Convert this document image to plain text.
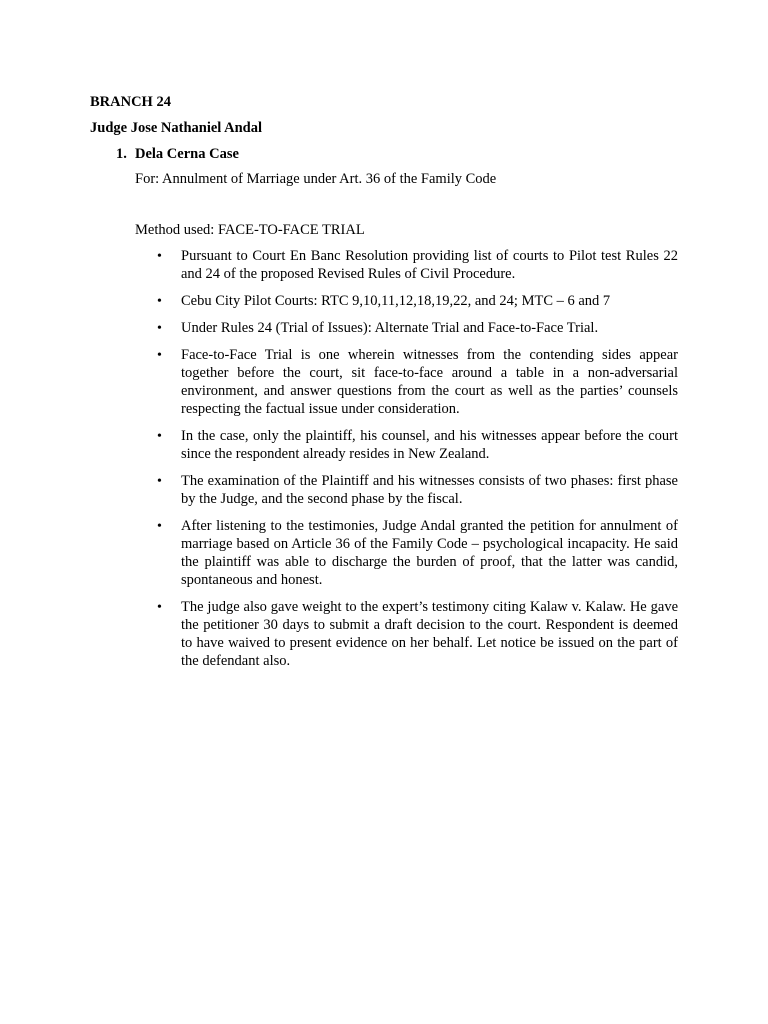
BRANCH 24
Judge Jose Nathaniel Andal
1. Dela Cerna Case
For: Annulment of Marriage under Art. 36 of the Family Code
Method used: FACE-TO-FACE TRIAL
• Pursuant to Court En Banc Resolution providing list of courts to Pilot test Rules 22 and 24 of the proposed Revised Rules of Civil Procedure.
• Cebu City Pilot Courts: RTC 9,10,11,12,18,19,22, and 24; MTC – 6 and 7
• Under Rules 24 (Trial of Issues): Alternate Trial and Face-to-Face Trial.
• Face-to-Face Trial is one wherein witnesses from the contending sides appear together before the court, sit face-to-face around a table in a non-adversarial environment, and answer questions from the court as well as the parties’ counsels respecting the factual issue under consideration.
• In the case, only the plaintiff, his counsel, and his witnesses appear before the court since the respondent already resides in New Zealand.
• The examination of the Plaintiff and his witnesses consists of two phases: first phase by the Judge, and the second phase by the fiscal.
• After listening to the testimonies, Judge Andal granted the petition for annulment of marriage based on Article 36 of the Family Code – psychological incapacity. He said the plaintiff was able to discharge the burden of proof, that the latter was candid, spontaneous and honest.
• The judge also gave weight to the expert’s testimony citing Kalaw v. Kalaw. He gave the petitioner 30 days to submit a draft decision to the court. Respondent is deemed to have waived to present evidence on her behalf. Let notice be issued on the part of the defendant also.
